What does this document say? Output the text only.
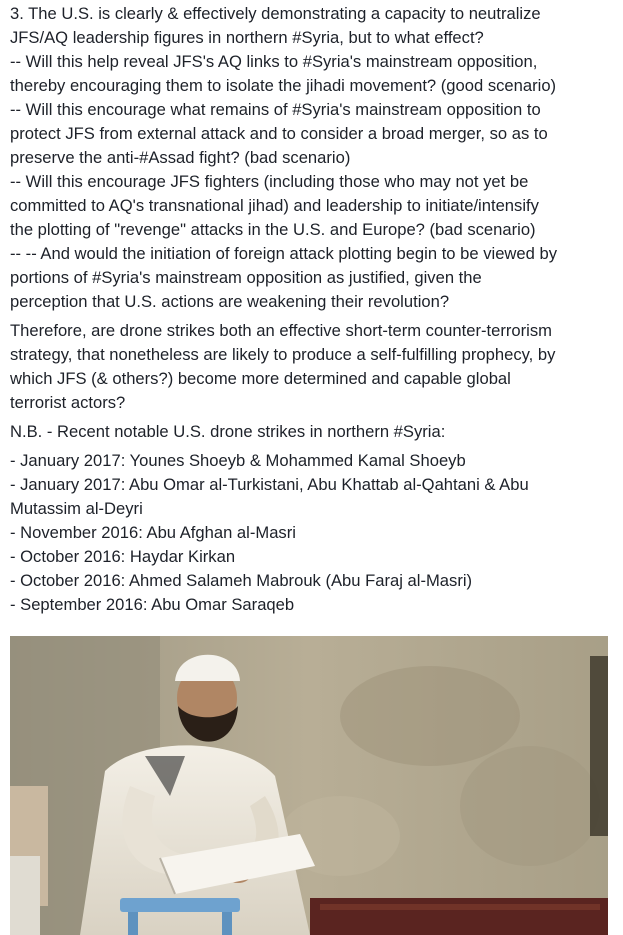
3. The U.S. is clearly & effectively demonstrating a capacity to neutralize
JFS/AQ leadership figures in northern #Syria, but to what effect?
-- Will this help reveal JFS's AQ links to #Syria's mainstream opposition,
thereby encouraging them to isolate the jihadi movement? (good scenario)
-- Will this encourage what remains of #Syria's mainstream opposition to
protect JFS from external attack and to consider a broad merger, so as to
preserve the anti-#Assad fight? (bad scenario)
-- Will this encourage JFS fighters (including those who may not yet be
committed to AQ's transnational jihad) and leadership to initiate/intensify
the plotting of "revenge" attacks in the U.S. and Europe? (bad scenario)
-- -- And would the initiation of foreign attack plotting begin to be viewed by
portions of #Syria's mainstream opposition as justified, given the
perception that U.S. actions are weakening their revolution?

Therefore, are drone strikes both an effective short-term counter-terrorism
strategy, that nonetheless are likely to produce a self-fulfilling prophecy, by
which JFS (& others?) become more determined and capable global
terrorist actors?

N.B. - Recent notable U.S. drone strikes in northern #Syria:

- January 2017: Younes Shoeyb & Mohammed Kamal Shoeyb
- January 2017: Abu Omar al-Turkistani, Abu Khattab al-Qahtani & Abu
Mutassim al-Deyri
- November 2016: Abu Afghan al-Masri
- October 2016: Haydar Kirkan
- October 2016: Ahmed Salameh Mabrouk (Abu Faraj al-Masri)
- September 2016: Abu Omar Saraqeb
